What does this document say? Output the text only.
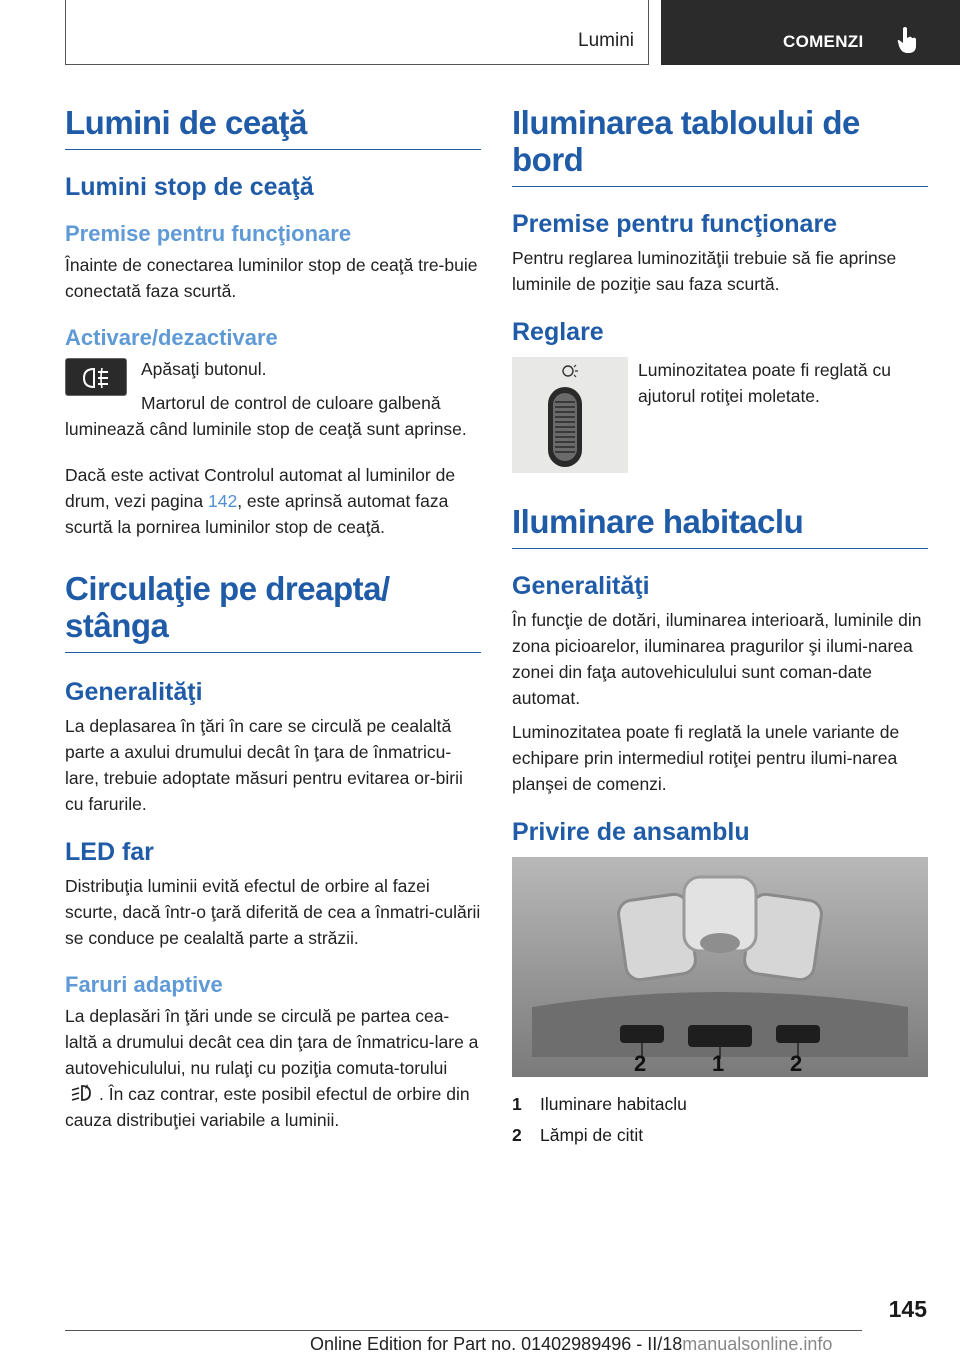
Lumini	COMENZI
Lumini de ceaţă
Lumini stop de ceaţă
Premise pentru funcţionare

Înainte de conectarea luminilor stop de ceaţă tre‐buie conectată faza scurtă.

Activare/dezactivare

Apăsaţi butonul.

Martorul de control de culoare galbenă luminează când luminile stop de ceaţă sunt aprinse.

Dacă este activat Controlul automat al luminilor de drum, vezi pagina 142, este aprinsă automat faza scurtă la pornirea luminilor stop de ceaţă.

Circulaţie pe dreapta/ stânga
Generalităţi

La deplasarea în ţări în care se circulă pe cealaltă parte a axului drumului decât în ţara de înmatricu‐lare, trebuie adoptate măsuri pentru evitarea or‐birii cu farurile.

LED far

Distribuţia luminii evită efectul de orbire al fazei scurte, dacă într-o ţară diferită de cea a înmatri‐culării se conduce pe cealaltă parte a străzii.

Faruri adaptive

La deplasări în ţări unde se circulă pe partea cea‐laltă a drumului decât cea din ţara de înmatricu‐lare a autovehiculului, nu rulaţi cu poziţia comuta‐torului
A . În caz contrar, este posibil efectul de orbire din cauza distribuţiei variabile a luminii.

Iluminarea tabloului de bord
Premise pentru funcţionare

Pentru reglarea luminozităţii trebuie să fie aprinse luminile de poziţie sau faza scurtă.

Reglare

Luminozitatea poate fi reglată cu ajutorul rotiţei moletate.

Iluminare habitaclu
Generalităţi

În funcţie de dotări, iluminarea interioară, luminile din zona picioarelor, iluminarea pragurilor şi ilumi‐narea zonei din faţa autovehiculului sunt coman‐date automat.

Luminozitatea poate fi reglată la unele variante de echipare prin intermediul rotiţei pentru ilumi‐narea planşei de comenzi.

Privire de ansamblu
2	1	2
1	Iluminare habitaclu
2	Lămpi de citit
145
Online Edition for Part no. 01402989496 - II/18manualsonline.info
